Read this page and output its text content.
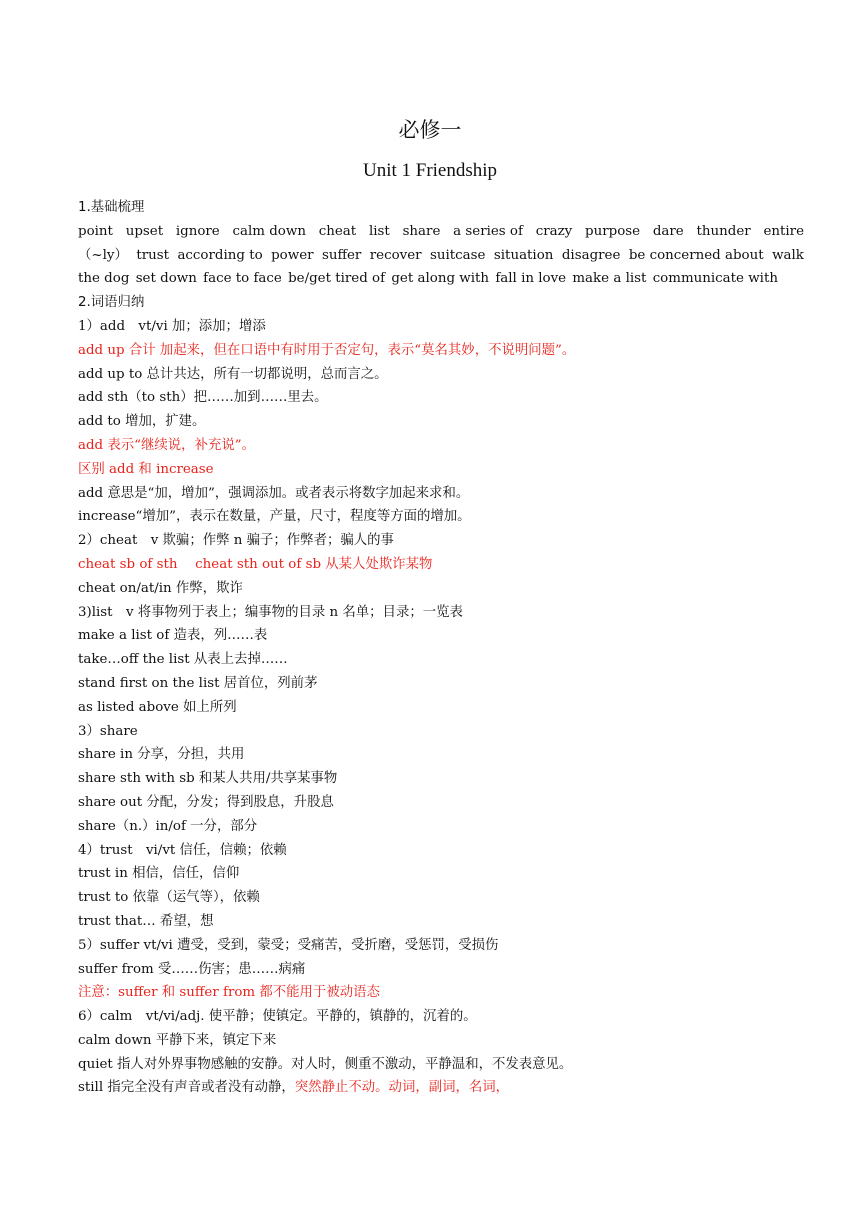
必修一
Unit 1 Friendship
1.基础梳理
point upset ignore calm down cheat list share a series of crazy purpose dare thunder entire
（~ly） trust according to power suffer recover suitcase situation disagree be concerned about walk
the dog set down face to face be/get tired of get along with fall in love make a list communicate with
2.词语归纳
1）add　vt/vi 加；添加；增添
add up 合计 加起来，但在口语中有时用于否定句，表示“莫名其妙，不说明问题”。
add up to 总计共达，所有一切都说明，总而言之。
add sth（to sth）把……加到……里去。
add to 增加，扩建。
add 表示“继续说，补充说”。
区别 add 和 increase
add 意思是“加，增加”，强调添加。或者表示将数字加起来求和。
increase“增加”，表示在数量，产量，尺寸，程度等方面的增加。
2）cheat　v 欺骗；作弊 n 骗子；作弊者；骗人的事
cheat sb of sth　 cheat sth out of sb 从某人处欺诈某物
cheat on/at/in 作弊，欺诈
3)list　v 将事物列于表上；编事物的目录 n 名单；目录；一览表
make a list of 造表，列……表
take…off the list 从表上去掉……
stand first on the list 居首位，列前茅
as listed above 如上所列
3）share
share in 分享，分担，共用
share sth with sb 和某人共用/共享某事物
share out 分配，分发；得到股息，升股息
share（n.）in/of 一分，部分
4）trust　vi/vt 信任，信赖；依赖
trust in 相信，信任，信仰
trust to 依靠（运气等），依赖
trust that… 希望，想
5）suffer vt/vi 遭受，受到，蒙受；受痛苦，受折磨，受惩罚，受损伤
suffer from 受……伤害；患……病痛
注意：suffer 和 suffer from 都不能用于被动语态
6）calm　vt/vi/adj. 使平静；使镇定。平静的，镇静的，沉着的。
calm down 平静下来，镇定下来
quiet 指人对外界事物感触的安静。对人时，侧重不激动，平静温和，不发表意见。
still 指完全没有声音或者没有动静，突然静止不动。动词，副词，名词，
